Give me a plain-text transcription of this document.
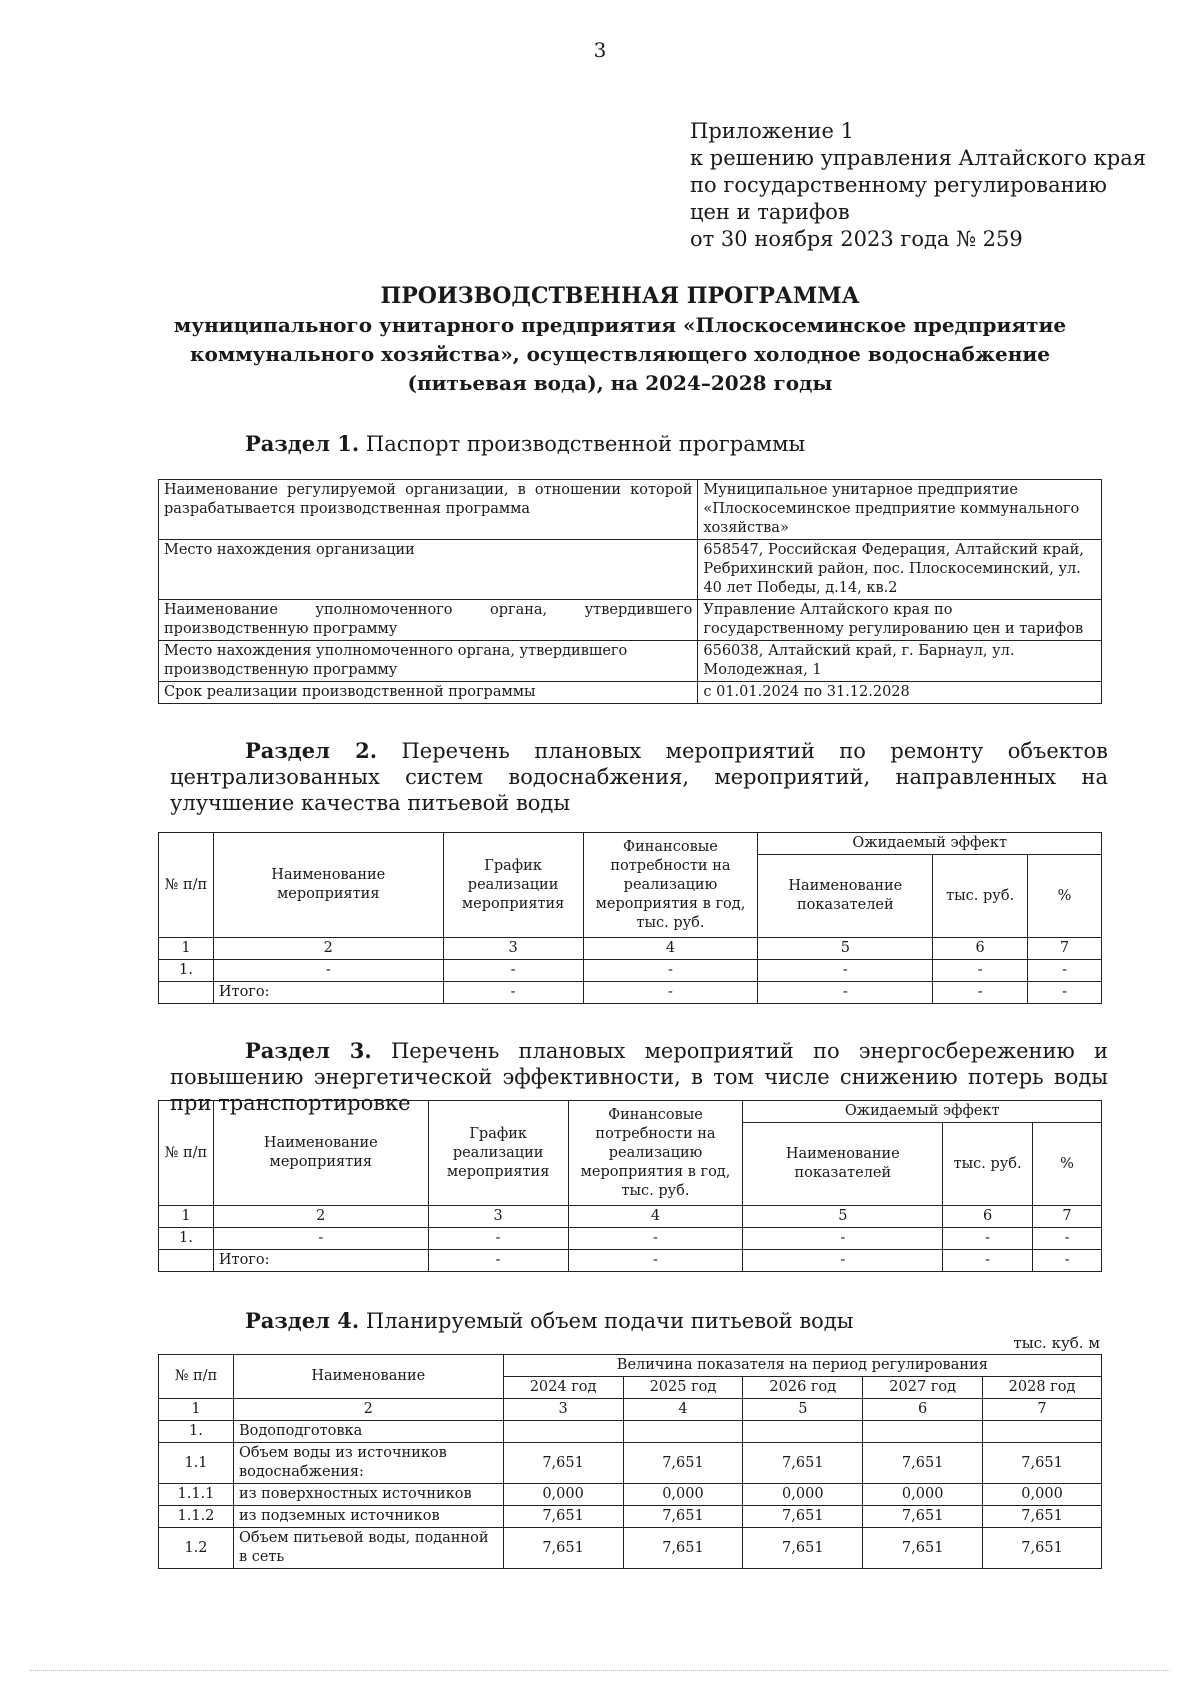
3
Приложение 1
к решению управления Алтайского края
по государственному регулированию
цен и тарифов
от 30 ноября 2023 года № 259
ПРОИЗВОДСТВЕННАЯ ПРОГРАММА
муниципального унитарного предприятия «Плоскосеминское предприятие
коммунального хозяйства», осуществляющего холодное водоснабжение
(питьевая вода), на 2024–2028 годы
Раздел 1. Паспорт производственной программы
Наименование регулируемой организации, в отношении которой разрабатывается производственная программа	Муниципальное унитарное предприятие «Плоскосеминское предприятие коммунального хозяйства»
Место нахождения организации	658547, Российская Федерация, Алтайский край, Ребрихинский район, пос. Плоскосеминский, ул. 40 лет Победы, д.14, кв.2
Наименование уполномоченного органа, утвердившего производственную программу	Управление Алтайского края по государственному регулированию цен и тарифов
Место нахождения уполномоченного органа, утвердившего производственную программу	656038, Алтайский край, г. Барнаул, ул. Молодежная, 1
Срок реализации производственной программы	с 01.01.2024 по 31.12.2028
Раздел 2. Перечень плановых мероприятий по ремонту объектов централизованных систем водоснабжения, мероприятий, направленных на улучшение качества питьевой воды
№ п/п	Наименование мероприятия	График реализации мероприятия	Финансовые потребности на реализацию мероприятия в год, тыс. руб.	Ожидаемый эффект		
				Наименование показателей	тыс. руб.	%
1	2	3	4	5	6	7
1.	-	-	-	-	-	-
	Итого:	-	-	-	-	-
Раздел 3. Перечень плановых мероприятий по энергосбережению и повышению энергетической эффективности, в том числе снижению потерь воды при транспортировке
№ п/п	Наименование мероприятия	График реализации мероприятия	Финансовые потребности на реализацию мероприятия в год, тыс. руб.	Ожидаемый эффект		
				Наименование показателей	тыс. руб.	%
1	2	3	4	5	6	7
1.	-	-	-	-	-	-
	Итого:	-	-	-	-	-
Раздел 4. Планируемый объем подачи питьевой воды
тыс. куб. м
№ п/п	Наименование	Величина показателя на период регулирования				
		2024 год	2025 год	2026 год	2027 год	2028 год
1	2	3	4	5	6	7
1.	Водоподготовка					
1.1	Объем воды из источников водоснабжения:	7,651	7,651	7,651	7,651	7,651
1.1.1	из поверхностных источников	0,000	0,000	0,000	0,000	0,000
1.1.2	из подземных источников	7,651	7,651	7,651	7,651	7,651
1.2	Объем питьевой воды, поданной в сеть	7,651	7,651	7,651	7,651	7,651
